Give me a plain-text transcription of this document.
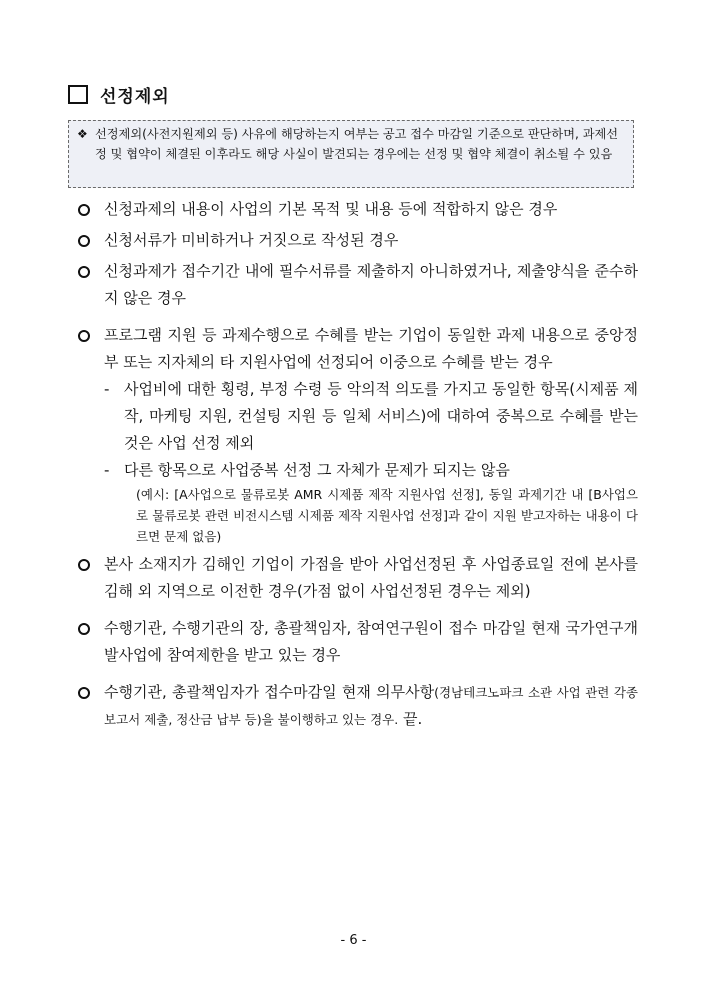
선정제외
❖ 선정제외(사전지원제외 등) 사유에 해당하는지 여부는 공고 접수 마감일 기준으로 판단하며, 과제선정 및 협약이 체결된 이후라도 해당 사실이 발견되는 경우에는 선정 및 협약 체결이 취소될 수 있음
신청과제의 내용이 사업의 기본 목적 및 내용 등에 적합하지 않은 경우
신청서류가 미비하거나 거짓으로 작성된 경우
신청과제가 접수기간 내에 필수서류를 제출하지 아니하였거나, 제출양식을 준수하지 않은 경우
프로그램 지원 등 과제수행으로 수혜를 받는 기업이 동일한 과제 내용으로 중앙정부 또는 지자체의 타 지원사업에 선정되어 이중으로 수혜를 받는 경우
- 사업비에 대한 횡령, 부정 수령 등 악의적 의도를 가지고 동일한 항목(시제품 제작, 마케팅 지원, 컨설팅 지원 등 일체 서비스)에 대하여 중복으로 수혜를 받는 것은 사업 선정 제외
- 다른 항목으로 사업중복 선정 그 자체가 문제가 되지는 않음
(예시: [A사업으로 물류로봇 AMR 시제품 제작 지원사업 선정], 동일 과제기간 내 [B사업으로 물류로봇 관련 비전시스템 시제품 제작 지원사업 선정]과 같이 지원 받고자하는 내용이 다르면 문제 없음)
본사 소재지가 김해인 기업이 가점을 받아 사업선정된 후 사업종료일 전에 본사를 김해 외 지역으로 이전한 경우(가점 없이 사업선정된 경우는 제외)
수행기관, 수행기관의 장, 총괄책임자, 참여연구원이 접수 마감일 현재 국가연구개발사업에 참여제한을 받고 있는 경우
수행기관, 총괄책임자가 접수마감일 현재 의무사항(경남테크노파크 소관 사업 관련 각종 보고서 제출, 정산금 납부 등)을 불이행하고 있는 경우. 끝.
- 6 -
